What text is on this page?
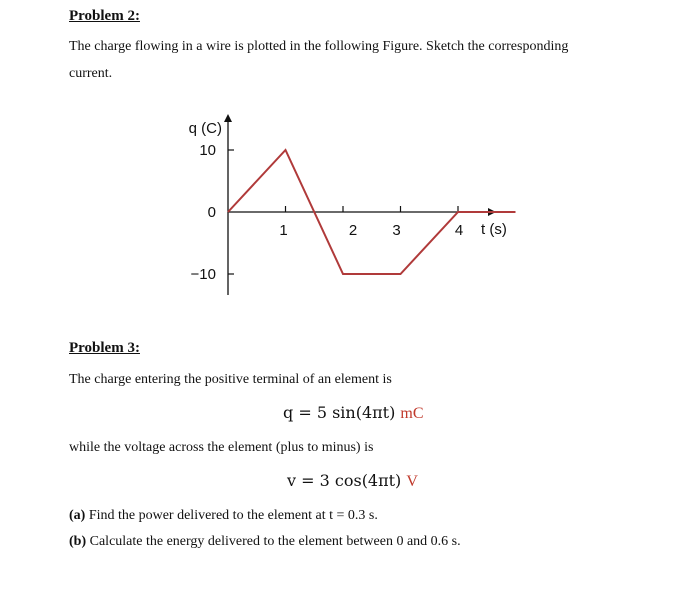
Problem 2:
The charge flowing in a wire is plotted in the following Figure. Sketch the corresponding
current.
q (C)
t (s)
1	2 3	4
10
0
−10
Problem 3:
The charge entering the positive terminal of an element is
q = 5 sin(4πt) mC
while the voltage across the element (plus to minus) is
v = 3 cos(4πt) V
(a) Find the power delivered to the element at t = 0.3 s.
(b) Calculate the energy delivered to the element between 0 and 0.6 s.
